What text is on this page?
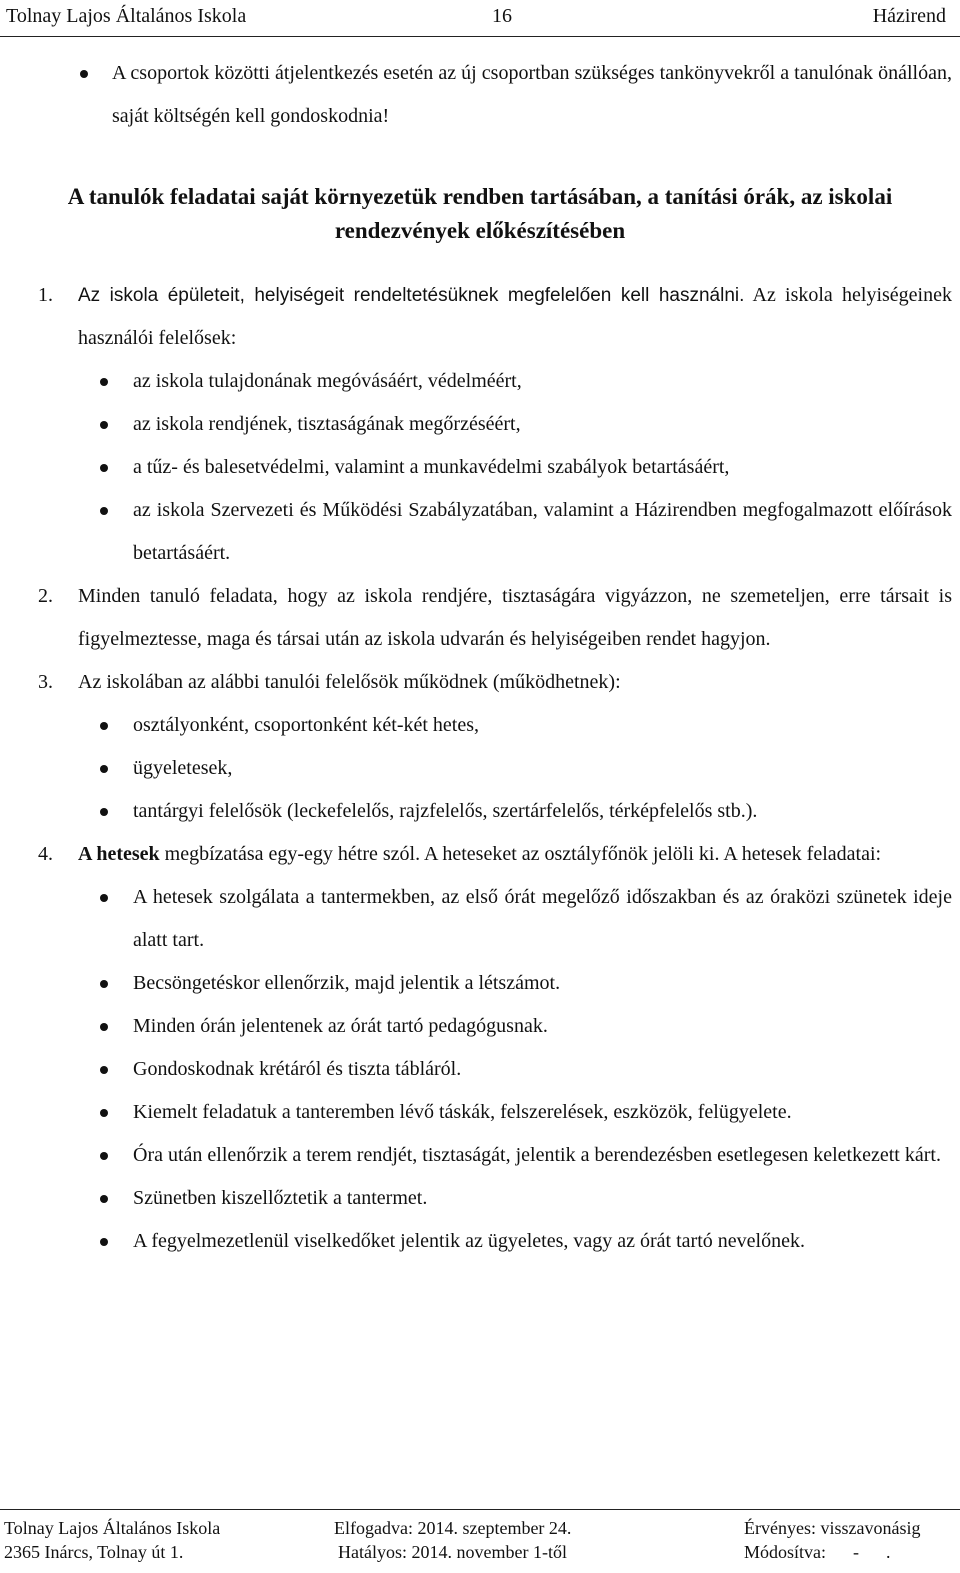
Tolnay Lajos Általános Iskola	16	Házirend
A csoportok közötti átjelentkezés esetén az új csoportban szükséges tankönyvekről a tanulónak önállóan, saját költségén kell gondoskodnia!
A tanulók feladatai saját környezetük rendben tartásában, a tanítási órák, az iskolai rendezvények előkészítésében
1. Az iskola épületeit, helyiségeit rendeltetésüknek megfelelően kell használni. Az iskola helyiségeinek használói felelősek:
az iskola tulajdonának megóvásáért, védelméért,
az iskola rendjének, tisztaságának megőrzéséért,
a tűz- és balesetvédelmi, valamint a munkavédelmi szabályok betartásáért,
az iskola Szervezeti és Működési Szabályzatában, valamint a Házirendben megfogalmazott előírások betartásáért.
2. Minden tanuló feladata, hogy az iskola rendjére, tisztaságára vigyázzon, ne szemeteljen, erre társait is figyelmeztesse, maga és társai után az iskola udvarán és helyiségeiben rendet hagyjon.
3. Az iskolában az alábbi tanulói felelősök működnek (működhetnek):
osztályonként, csoportonként két-két hetes,
ügyeletesek,
tantárgyi felelősök (leckefelelős, rajzfelelős, szertárfelelős, térképfelelős stb.).
4. A hetesek megbízatása egy-egy hétre szól. A heteseket az osztályfőnök jelöli ki. A hetesek feladatai:
A hetesek szolgálata a tantermekben, az első órát megelőző időszakban és az óraközi szünetek ideje alatt tart.
Becsöngetéskor ellenőrzik, majd jelentik a létszámot.
Minden órán jelentenek az órát tartó pedagógusnak.
Gondoskodnak krétáról és tiszta tábláról.
Kiemelt feladatuk a tanteremben lévő táskák, felszerelések, eszközök, felügyelete.
Óra után ellenőrzik a terem rendjét, tisztaságát, jelentik a berendezésben esetlegesen keletkezett kárt.
Szünetben kiszellőztetik a tantermet.
A fegyelmezetlenül viselkedőket jelentik az ügyeletes, vagy az órát tartó nevelőnek.
Tolnay Lajos Általános Iskola
2365 Inárcs, Tolnay út 1.
Elfogadva: 2014. szeptember 24.
Hatályos: 2014. november 1-től
Érvényes: visszavonásig
Módosítva:      -      .
